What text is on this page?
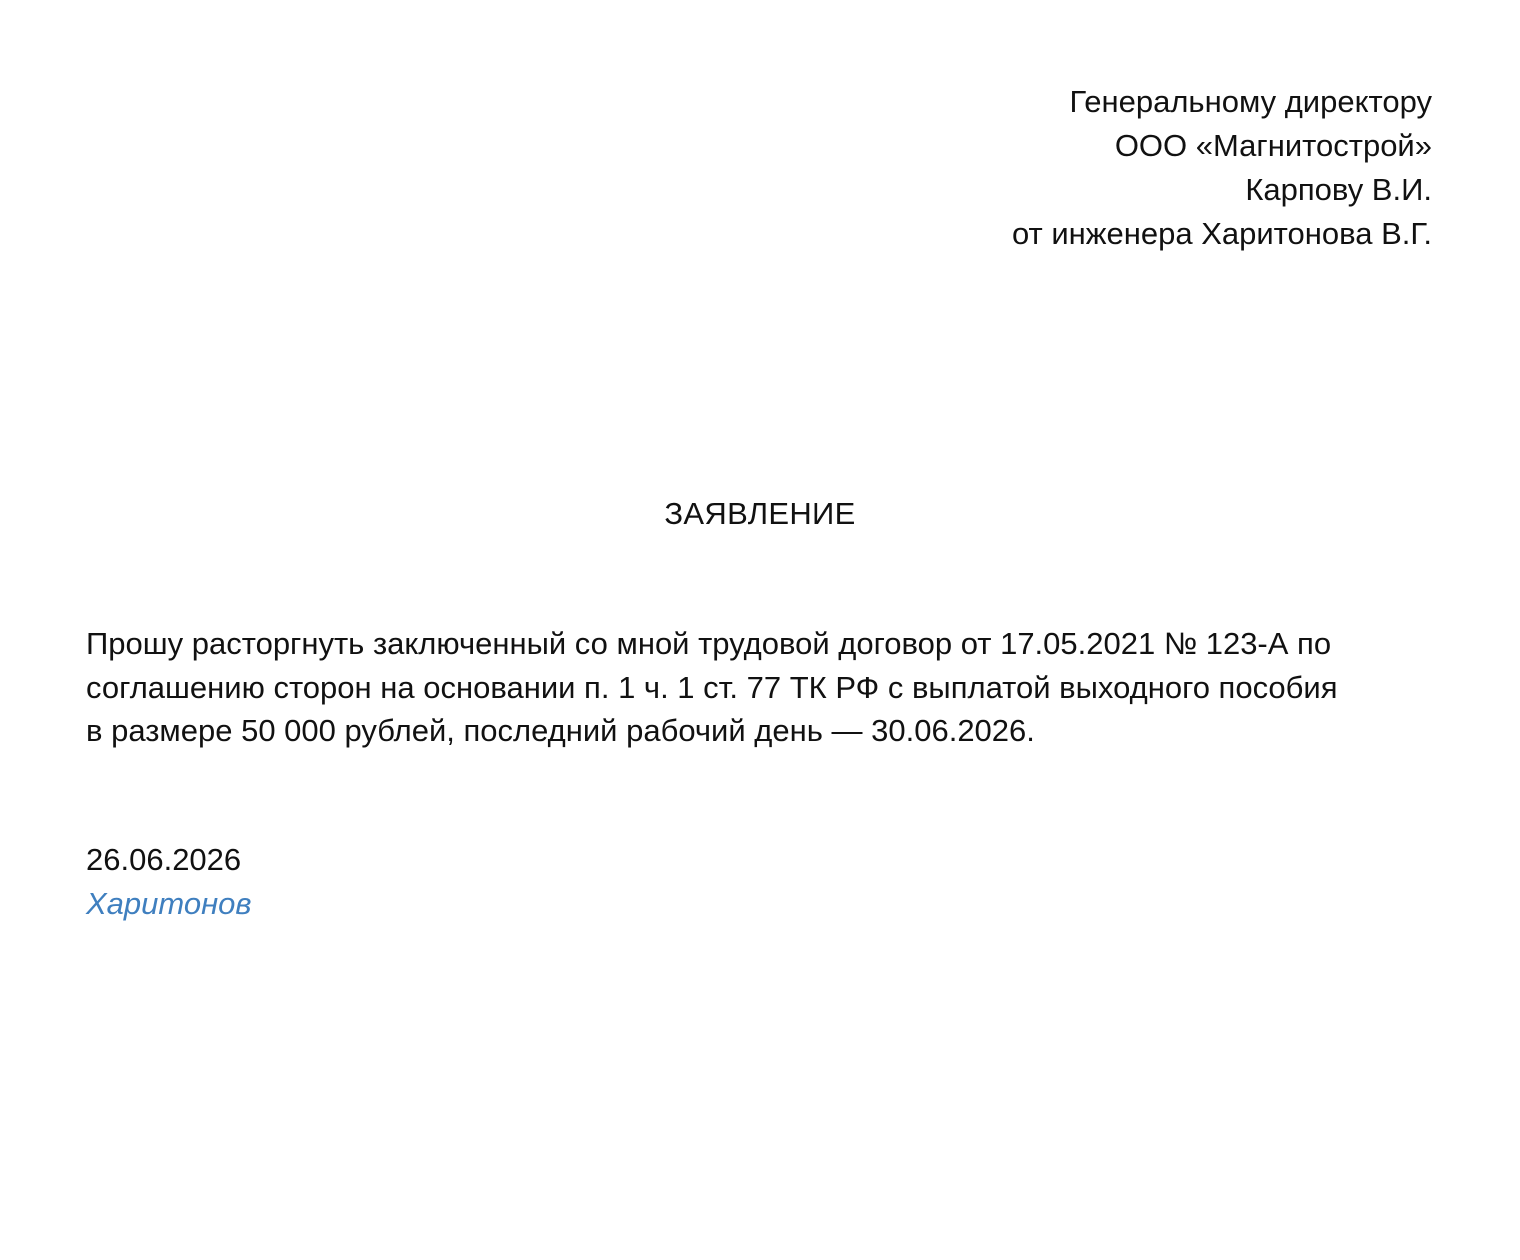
Генеральному директору
ООО «Магнитострой»
Карпову В.И.
от инженера Харитонова В.Г.
ЗАЯВЛЕНИЕ
Прошу расторгнуть заключенный со мной трудовой договор от 17.05.2021 № 123-А по
соглашению сторон на основании п. 1 ч. 1 ст. 77 ТК РФ с выплатой выходного пособия
в размере 50 000 рублей, последний рабочий день — 30.06.2026.
26.06.2026
Харитонов
